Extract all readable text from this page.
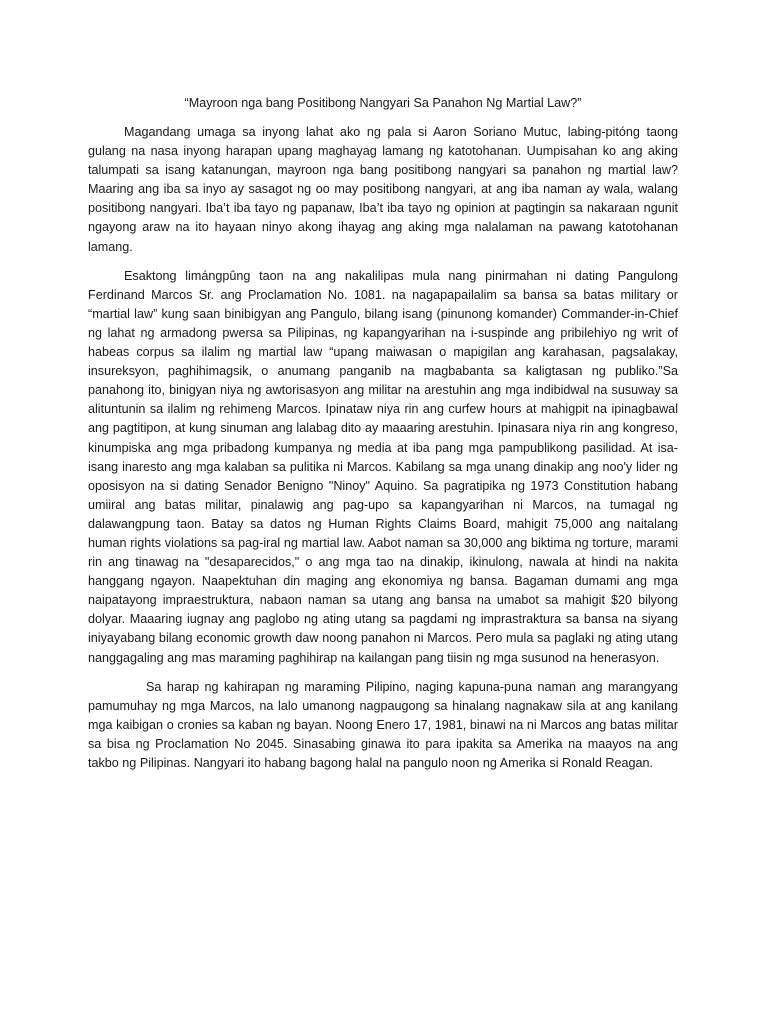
“Mayroon nga bang Positibong Nangyari Sa Panahon Ng Martial Law?”

Magandang umaga sa inyong lahat ako ng pala si Aaron Soriano Mutuc, labing-pitóng taong gulang na nasa inyong harapan upang maghayag lamang ng katotohanan. Uumpisahan ko ang aking talumpati sa isang katanungan, mayroon nga bang positibong nangyari sa panahon ng martial law? Maaring ang iba sa inyo ay sasagot ng oo may positibong nangyari, at ang iba naman ay wala, walang positibong nangyari. Iba’t iba tayo ng papanaw, Iba’t iba tayo ng opinion at pagtingin sa nakaraan ngunit ngayong araw na ito hayaan ninyo akong ihayag ang aking mga nalalaman na pawang katotohanan lamang.

Esaktong limángpûng taon na ang nakalilipas mula nang pinirmahan ni dating Pangulong Ferdinand Marcos Sr. ang Proclamation No. 1081. na nagapapailalim sa bansa sa batas military or “martial law” kung saan binibigyan ang Pangulo, bilang isang (pinunong komander) Commander-in-Chief ng lahat ng armadong pwersa sa Pilipinas, ng kapangyarihan na i-suspinde ang pribilehiyo ng writ of habeas corpus sa ilalim ng martial law “upang maiwasan o mapigilan ang karahasan, pagsalakay, insureksyon, paghihimagsik, o anumang panganib na magbabanta sa kaligtasan ng publiko.”Sa panahong ito, binigyan niya ng awtorisasyon ang militar na arestuhin ang mga indibidwal na susuway sa alituntunin sa ilalim ng rehimeng Marcos. Ipinataw niya rin ang curfew hours at mahigpit na ipinagbawal ang pagtitipon, at kung sinuman ang lalabag dito ay maaaring arestuhin. Ipinasara niya rin ang kongreso, kinumpiska ang mga pribadong kumpanya ng media at iba pang mga pampublikong pasilidad. At isa-isang inaresto ang mga kalaban sa pulitika ni Marcos. Kabilang sa mga unang dinakip ang noo'y lider ng oposisyon na si dating Senador Benigno "Ninoy" Aquino. Sa pagratipika ng 1973 Constitution habang umiiral ang batas militar, pinalawig ang pag-upo sa kapangyarihan ni Marcos, na tumagal ng dalawangpung taon. Batay sa datos ng Human Rights Claims Board, mahigit 75,000 ang naitalang human rights violations sa pag-iral ng martial law. Aabot naman sa 30,000 ang biktima ng torture, marami rin ang tinawag na "desaparecidos," o ang mga tao na dinakip, ikinulong, nawala at hindi na nakita hanggang ngayon. Naapektuhan din maging ang ekonomiya ng bansa. Bagaman dumami ang mga naipatayong impraestruktura, nabaon naman sa utang ang bansa na umabot sa mahigit $20 bilyong dolyar. Maaaring iugnay ang paglobo ng ating utang sa pagdami ng imprastraktura sa bansa na siyang iniyayabang bilang economic growth daw noong panahon ni Marcos. Pero mula sa paglaki ng ating utang nanggagaling ang mas maraming paghihirap na kailangan pang tiisin ng mga susunod na henerasyon.

Sa harap ng kahirapan ng maraming Pilipino, naging kapuna-puna naman ang marangyang pamumuhay ng mga Marcos, na lalo umanong nagpaugong sa hinalang nagnakaw sila at ang kanilang mga kaibigan o cronies sa kaban ng bayan. Noong Enero 17, 1981, binawi na ni Marcos ang batas militar sa bisa ng Proclamation No 2045. Sinasabing ginawa ito para ipakita sa Amerika na maayos na ang takbo ng Pilipinas. Nangyari ito habang bagong halal na pangulo noon ng Amerika si Ronald Reagan.
